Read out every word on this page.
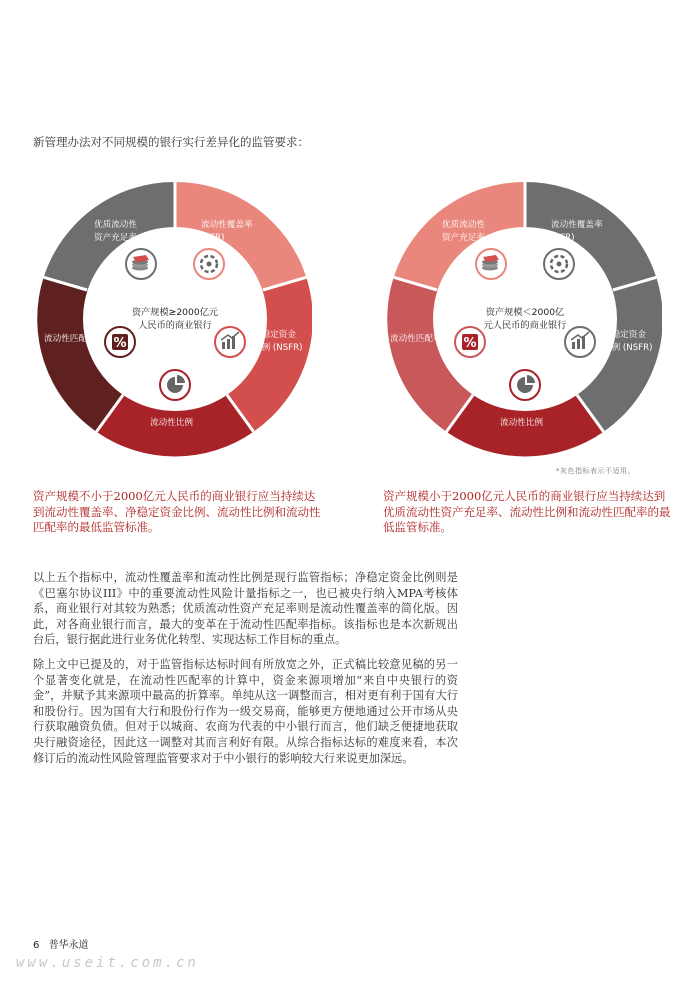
新管理办法对不同规模的银行实行差异化的监管要求：
%
流动性覆盖率
(LCR)
净稳定资金
比例 (NSFR)
流动性比例
流动性匹配率
优质流动性
资产充足率
资产规模≥2000亿元
人民币的商业银行
%
流动性覆盖率
(LCR)
净稳定资金
比例 (NSFR)
流动性比例
流动性匹配率
优质流动性
资产充足率
资产规模＜2000亿
元人民币的商业银行
*灰色指标表示不适用。
资产规模不小于2000亿元人民币的商业银行应当持续达到流动性覆盖率、净稳定资金比例、流动性比例和流动性匹配率的最低监管标准。
资产规模小于2000亿元人民币的商业银行应当持续达到优质流动性资产充足率、流动性比例和流动性匹配率的最低监管标准。
以上五个指标中，流动性覆盖率和流动性比例是现行监管指标；净稳定资金比例则是《巴塞尔协议III》中的重要流动性风险计量指标之一，也已被央行纳入MPA考核体系，商业银行对其较为熟悉；优质流动性资产充足率则是流动性覆盖率的简化版。因此，对各商业银行而言，最大的变革在于流动性匹配率指标。该指标也是本次新规出台后，银行据此进行业务优化转型、实现达标工作目标的重点。
除上文中已提及的，对于监管指标达标时间有所放宽之外，正式稿比较意见稿的另一个显著变化就是，在流动性匹配率的计算中，资金来源项增加“来自中央银行的资金”，并赋予其来源项中最高的折算率。单纯从这一调整而言，相对更有利于国有大行和股份行。因为国有大行和股份行作为一级交易商，能够更方便地通过公开市场从央行获取融资负债。但对于以城商、农商为代表的中小银行而言，他们缺乏便捷地获取央行融资途径，因此这一调整对其而言利好有限。从综合指标达标的难度来看，本次修订后的流动性风险管理监管要求对于中小银行的影响较大行来说更加深远。
6 普华永道
www.useit.com.cn
